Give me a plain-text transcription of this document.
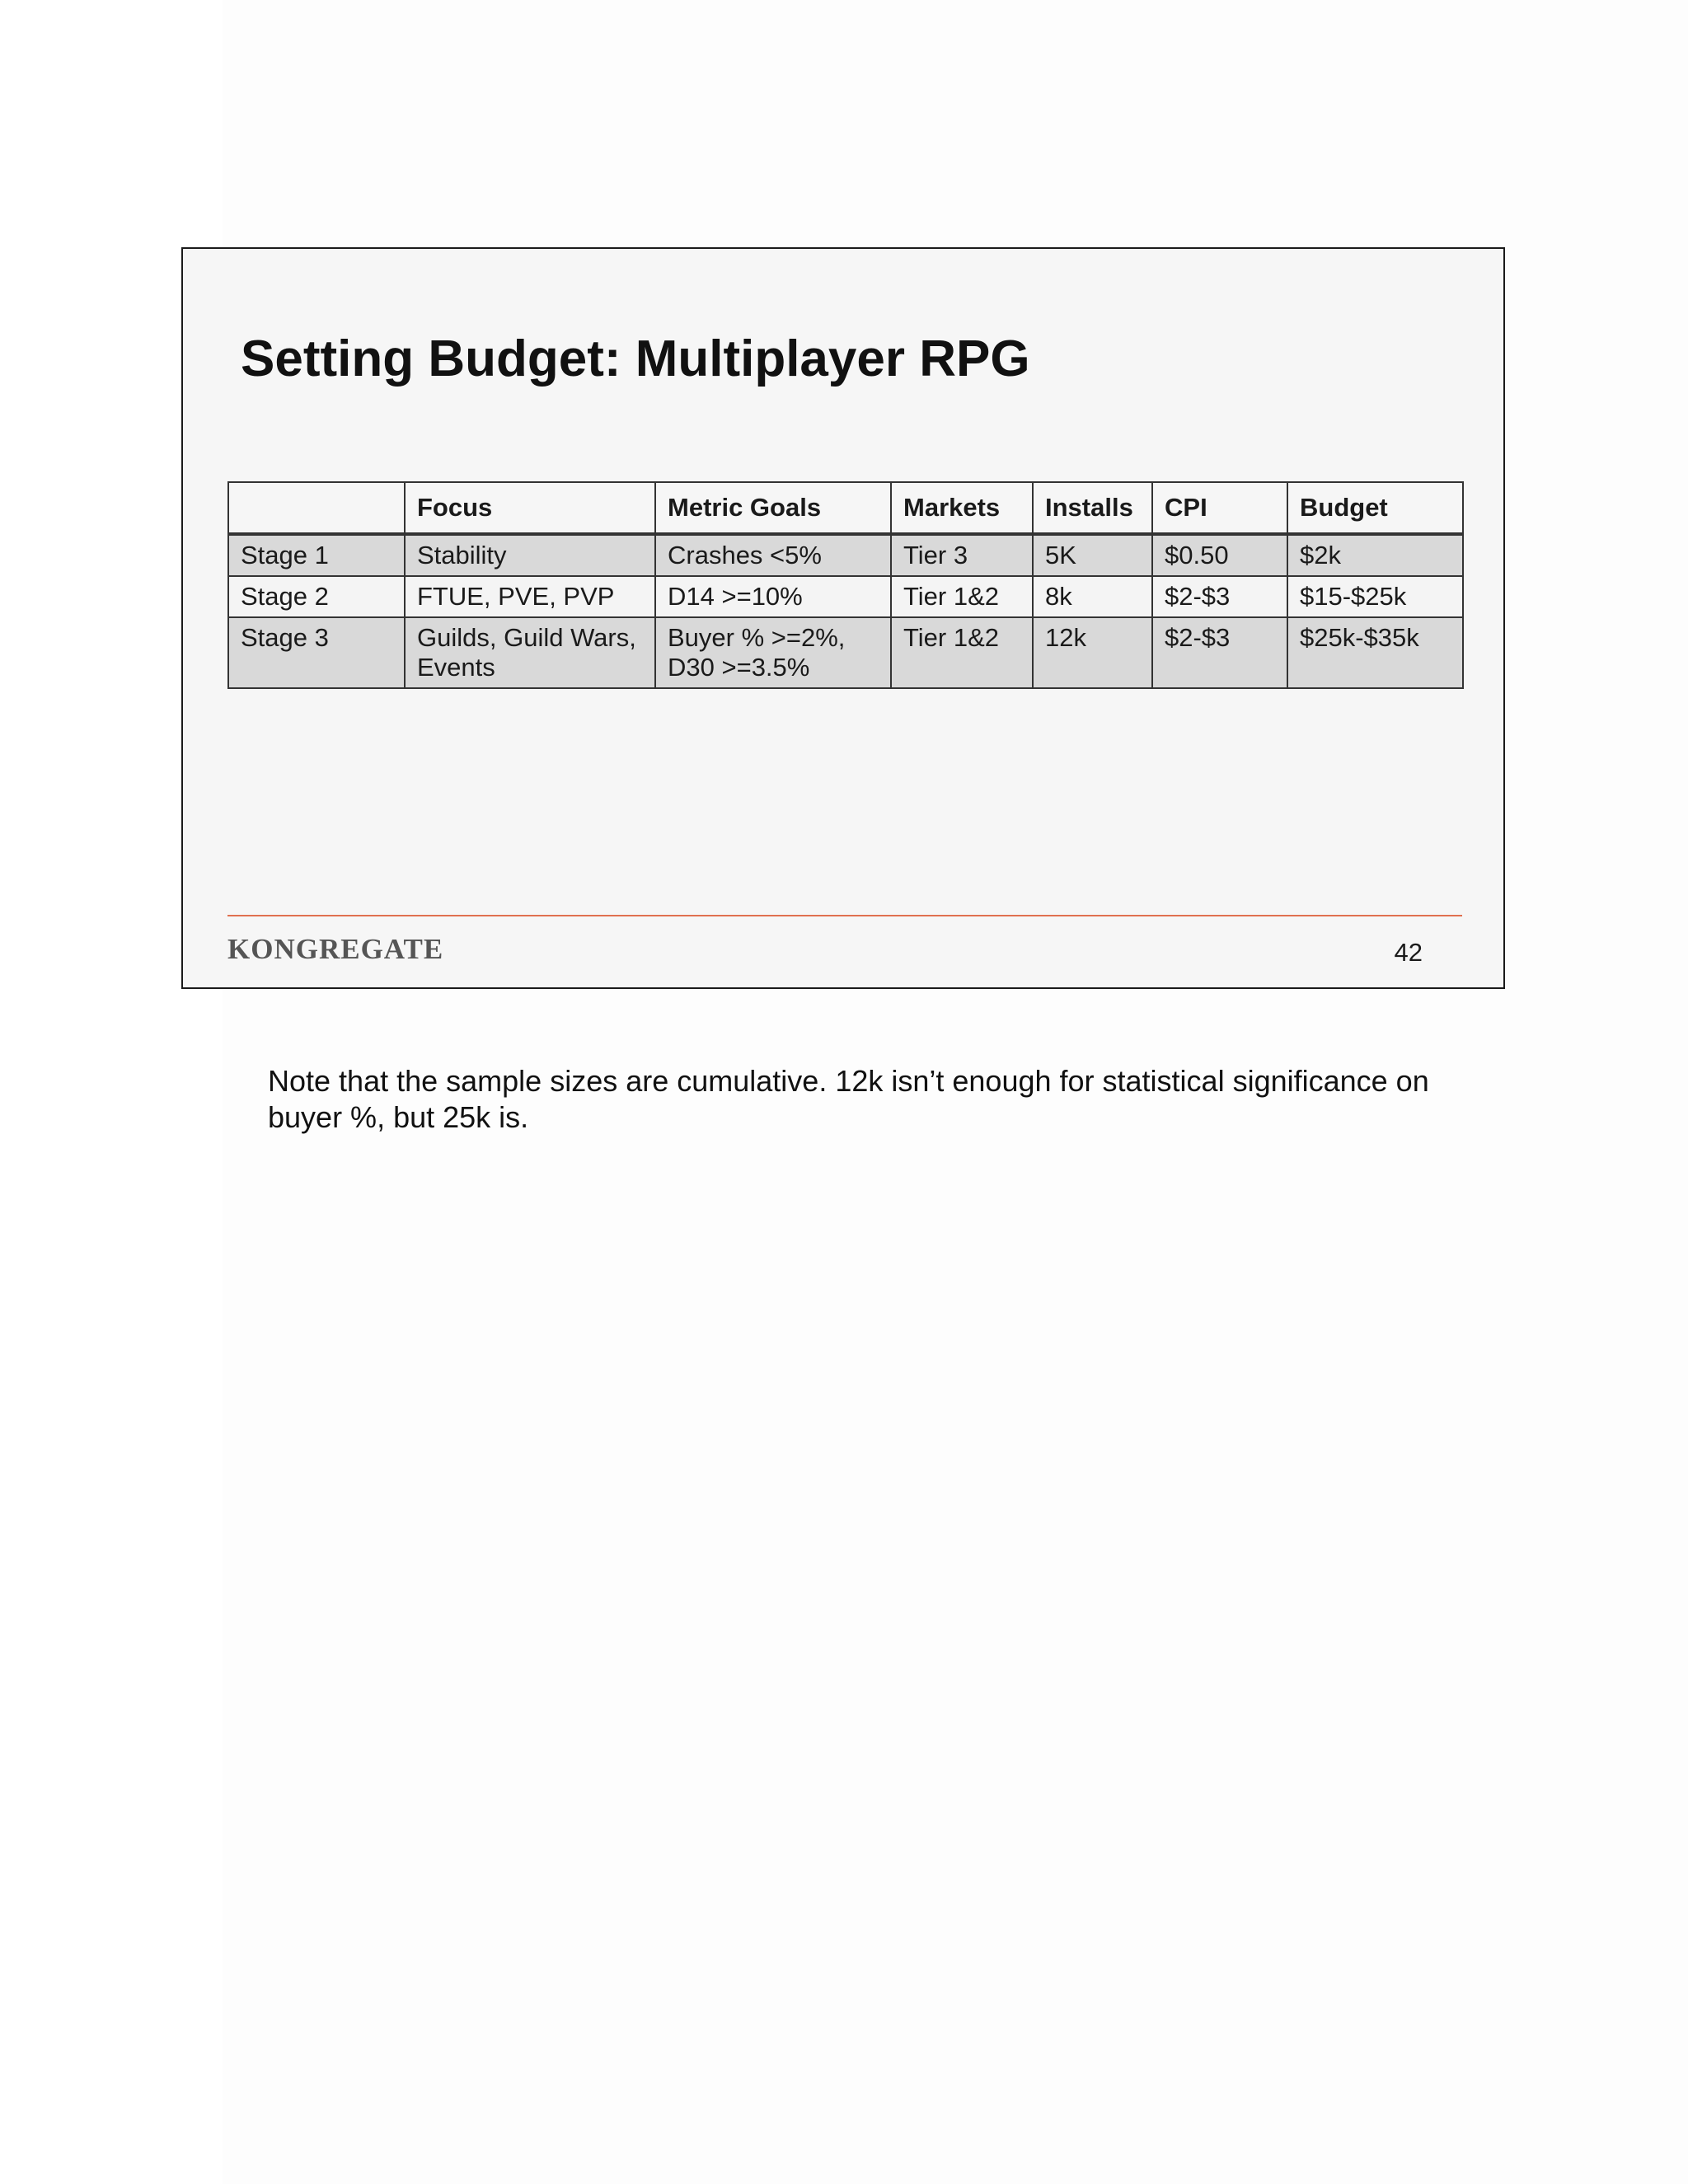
Setting Budget: Multiplayer RPG
	Focus	Metric Goals	Markets	Installs	CPI	Budget
Stage 1	Stability	Crashes <5%	Tier 3	5K	$0.50	$2k
Stage 2	FTUE, PVE, PVP	D14 >=10%	Tier 1&2	8k	$2-$3	$15-$25k
Stage 3	Guilds, Guild Wars, Events	Buyer % >=2%, D30 >=3.5%	Tier 1&2	12k	$2-$3	$25k-$35k
KONGREGATE	42

Note that the sample sizes are cumulative. 12k isn’t enough for statistical significance on buyer %, but 25k is.
